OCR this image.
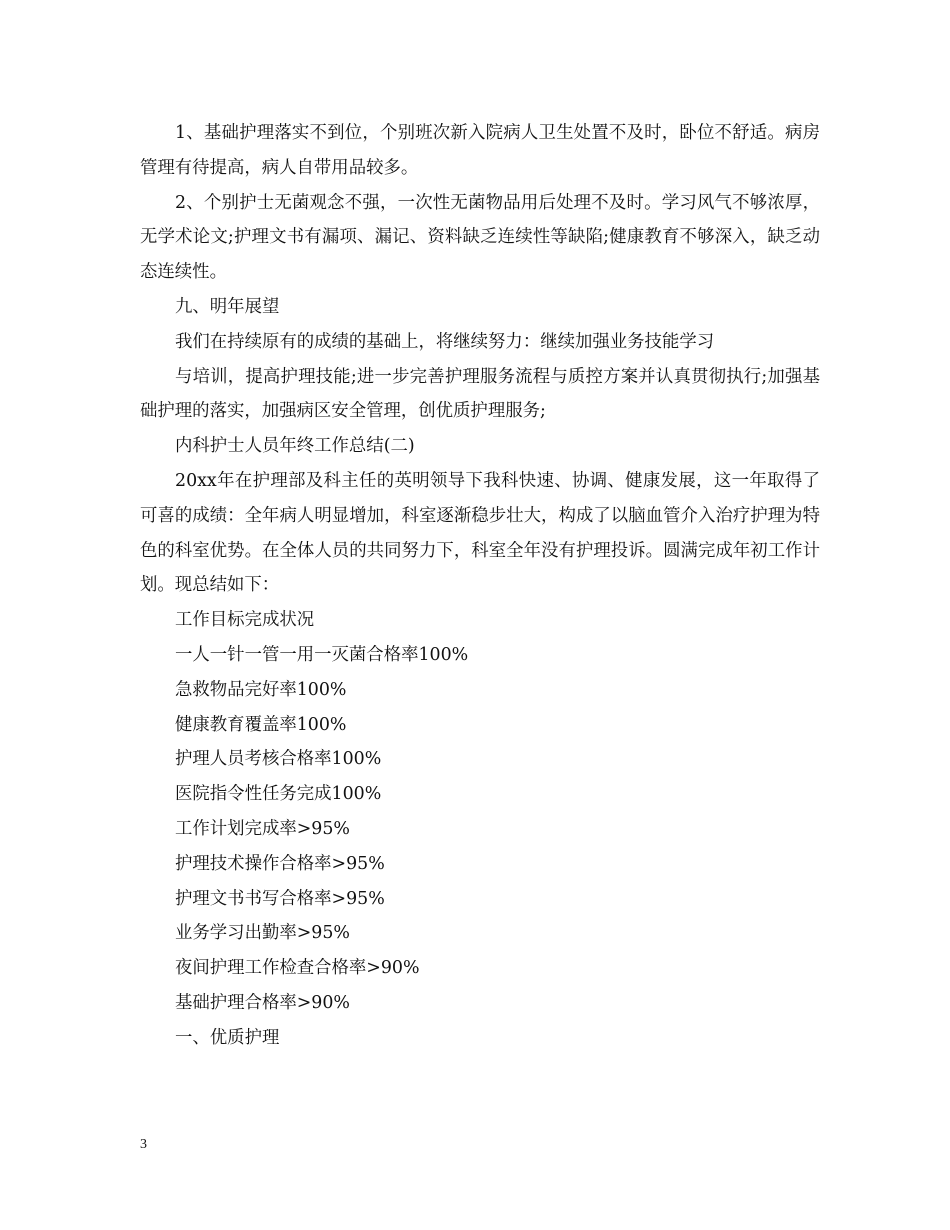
1、基础护理落实不到位，个别班次新入院病人卫生处置不及时，卧位不舒适。病房管理有待提高，病人自带用品较多。

2、个别护士无菌观念不强，一次性无菌物品用后处理不及时。学习风气不够浓厚，无学术论文;护理文书有漏项、漏记、资料缺乏连续性等缺陷;健康教育不够深入，缺乏动态连续性。

九、明年展望

我们在持续原有的成绩的基础上，将继续努力：继续加强业务技能学习

与培训，提高护理技能;进一步完善护理服务流程与质控方案并认真贯彻执行;加强基础护理的落实，加强病区安全管理，创优质护理服务;

内科护士人员年终工作总结(二)

20xx年在护理部及科主任的英明领导下我科快速、协调、健康发展，这一年取得了可喜的成绩：全年病人明显增加，科室逐渐稳步壮大，构成了以脑血管介入治疗护理为特色的科室优势。在全体人员的共同努力下，科室全年没有护理投诉。圆满完成年初工作计划。现总结如下：

工作目标完成状况

一人一针一管一用一灭菌合格率100%

急救物品完好率100%

健康教育覆盖率100%

护理人员考核合格率100%

医院指令性任务完成100%

工作计划完成率>95%

护理技术操作合格率>95%

护理文书书写合格率>95%

业务学习出勤率>95%

夜间护理工作检查合格率>90%

基础护理合格率>90%

一、优质护理

3
